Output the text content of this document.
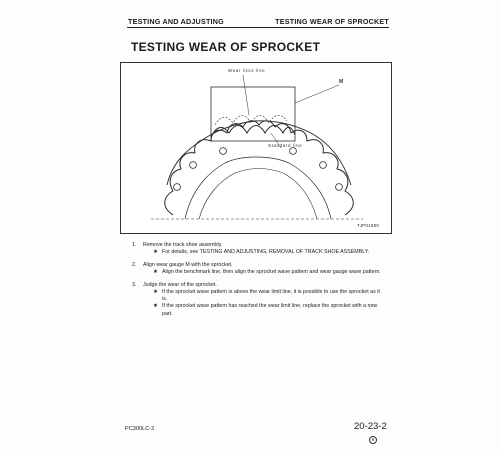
TESTING AND ADJUSTING	TESTING WEAR OF SPROCKET
TESTING WEAR OF SPROCKET
Wear limit line
M
Standard line
TJP01880
1. Remove the track shoe assembly.
★ For details, see TESTING AND ADJUSTING, REMOVAL OF TRACK SHOE ASSEMBLY.
2. Align wear gauge M with the sprocket.
★ Align the benchmark line, then align the sprocket wave pattern and wear gauge wave pattern.
3. Judge the wear of the sprocket.
★ If the sprocket wave pattern is above the wear limit line, it is possible to use the sprocket as it is.
★ If the sprocket wave pattern has reached the wear limit line, replace the sprocket with a new part.
PC300LC-2	20-23-2
6
